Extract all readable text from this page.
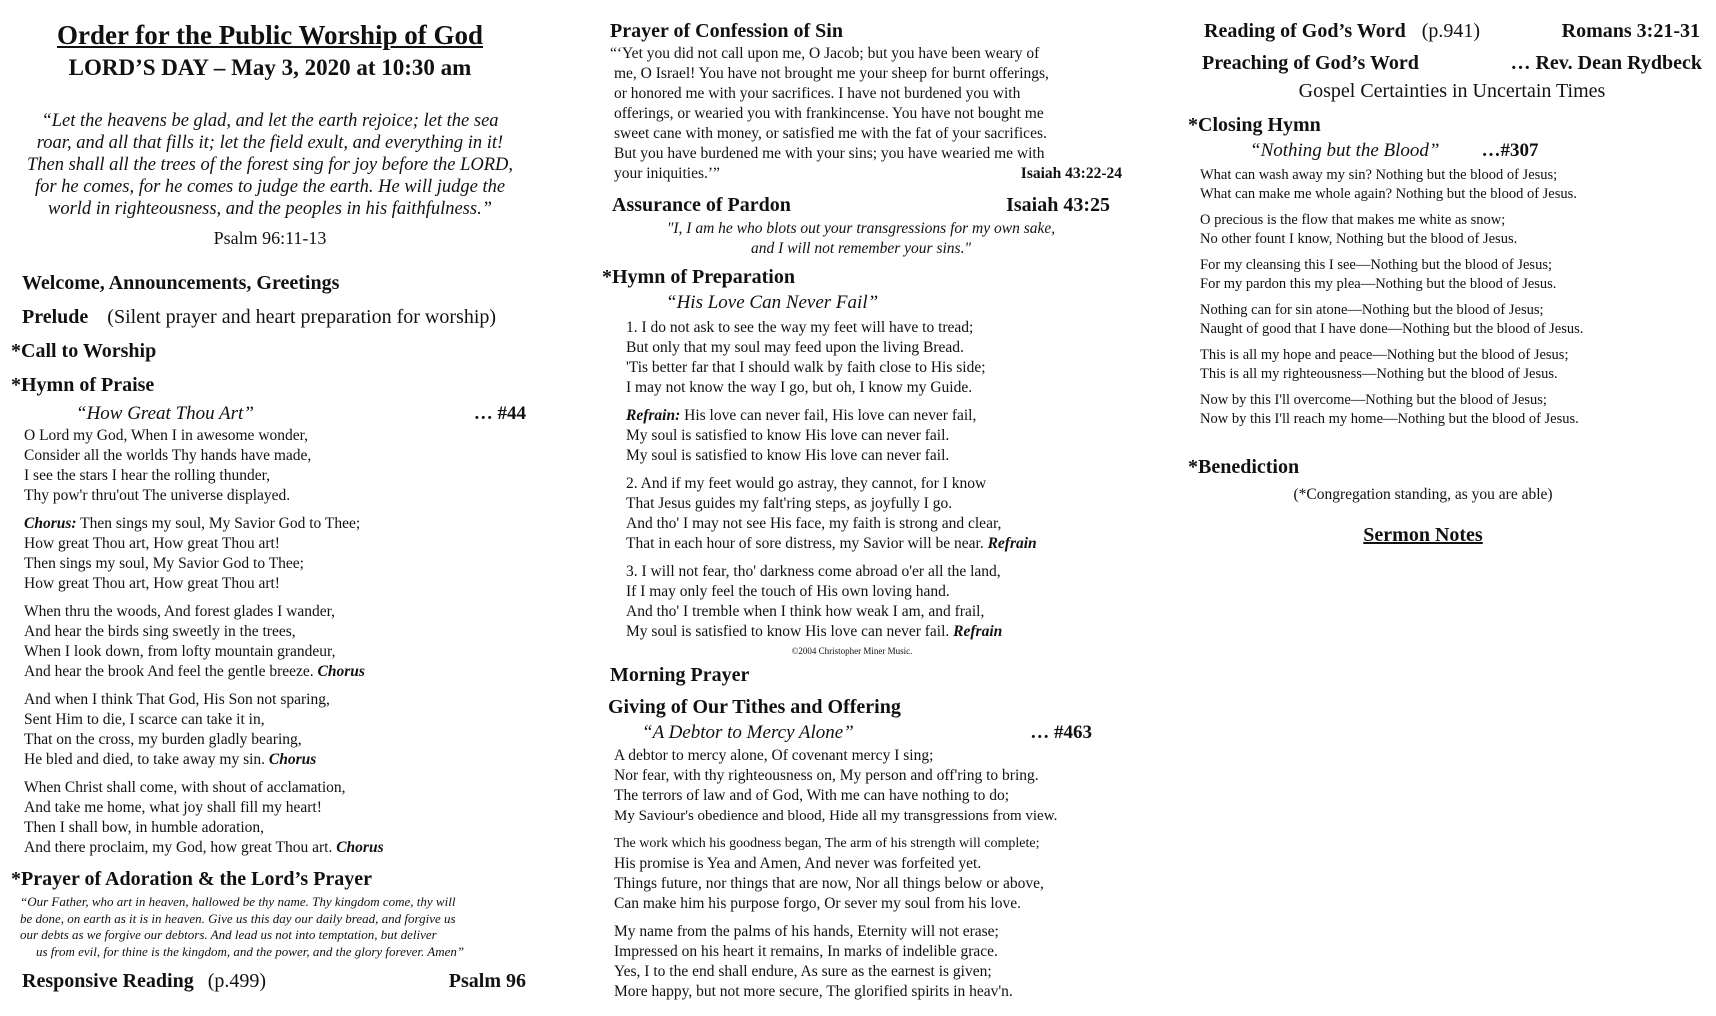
Order for the Public Worship of God
LORD’S DAY – May 3, 2020 at 10:30 am
“Let the heavens be glad, and let the earth rejoice; let the sea
roar, and all that fills it; let the field exult, and everything in it!
Then shall all the trees of the forest sing for joy before the LORD,
for he comes, for he comes to judge the earth. He will judge the
world in righteousness, and the peoples in his faithfulness.”
Psalm 96:11-13
Welcome, Announcements, Greetings
Prelude (Silent prayer and heart preparation for worship)
*Call to Worship
*Hymn of Praise
“How Great Thou Art”	… #44
O Lord my God, When I in awesome wonder,
Consider all the worlds Thy hands have made,
I see the stars I hear the rolling thunder,
Thy pow'r thru'out The universe displayed.
Chorus: Then sings my soul, My Savior God to Thee;
How great Thou art, How great Thou art!
Then sings my soul, My Savior God to Thee;
How great Thou art, How great Thou art!
When thru the woods, And forest glades I wander,
And hear the birds sing sweetly in the trees,
When I look down, from lofty mountain grandeur,
And hear the brook And feel the gentle breeze. Chorus
And when I think That God, His Son not sparing,
Sent Him to die, I scarce can take it in,
That on the cross, my burden gladly bearing,
He bled and died, to take away my sin. Chorus
When Christ shall come, with shout of acclamation,
And take me home, what joy shall fill my heart!
Then I shall bow, in humble adoration,
And there proclaim, my God, how great Thou art. Chorus
*Prayer of Adoration & the Lord’s Prayer
“Our Father, who art in heaven, hallowed be thy name. Thy kingdom come, thy will
be done, on earth as it is in heaven. Give us this day our daily bread, and forgive us
our debts as we forgive our debtors. And lead us not into temptation, but deliver
us from evil, for thine is the kingdom, and the power, and the glory forever. Amen”
Responsive Reading (p.499)	Psalm 96
Prayer of Confession of Sin
“‘Yet you did not call upon me, O Jacob; but you have been weary of
me, O Israel! You have not brought me your sheep for burnt offerings,
or honored me with your sacrifices. I have not burdened you with
offerings, or wearied you with frankincense. You have not bought me
sweet cane with money, or satisfied me with the fat of your sacrifices.
But you have burdened me with your sins; you have wearied me with
your iniquities.’”	Isaiah 43:22-24
Assurance of Pardon	Isaiah 43:25
"I, I am he who blots out your transgressions for my own sake,
and I will not remember your sins."
*Hymn of Preparation
“His Love Can Never Fail”
1. I do not ask to see the way my feet will have to tread;
But only that my soul may feed upon the living Bread.
'Tis better far that I should walk by faith close to His side;
I may not know the way I go, but oh, I know my Guide.
Refrain: His love can never fail, His love can never fail,
My soul is satisfied to know His love can never fail.
My soul is satisfied to know His love can never fail.
2. And if my feet would go astray, they cannot, for I know
That Jesus guides my falt'ring steps, as joyfully I go.
And tho' I may not see His face, my faith is strong and clear,
That in each hour of sore distress, my Savior will be near. Refrain
3. I will not fear, tho' darkness come abroad o'er all the land,
If I may only feel the touch of His own loving hand.
And tho' I tremble when I think how weak I am, and frail,
My soul is satisfied to know His love can never fail. Refrain
©2004 Christopher Miner Music.
Morning Prayer
Giving of Our Tithes and Offering
“A Debtor to Mercy Alone”	… #463
A debtor to mercy alone, Of covenant mercy I sing;
Nor fear, with thy righteousness on, My person and off'ring to bring.
The terrors of law and of God, With me can have nothing to do;
My Saviour's obedience and blood, Hide all my transgressions from view.
The work which his goodness began, The arm of his strength will complete;
His promise is Yea and Amen, And never was forfeited yet.
Things future, nor things that are now, Nor all things below or above,
Can make him his purpose forgo, Or sever my soul from his love.
My name from the palms of his hands, Eternity will not erase;
Impressed on his heart it remains, In marks of indelible grace.
Yes, I to the end shall endure, As sure as the earnest is given;
More happy, but not more secure, The glorified spirits in heav'n.
Reading of God’s Word (p.941)	Romans 3:21-31
Preaching of God’s Word	… Rev. Dean Rydbeck
Gospel Certainties in Uncertain Times
*Closing Hymn
“Nothing but the Blood” …#307
What can wash away my sin? Nothing but the blood of Jesus;
What can make me whole again? Nothing but the blood of Jesus.
O precious is the flow that makes me white as snow;
No other fount I know, Nothing but the blood of Jesus.
For my cleansing this I see—Nothing but the blood of Jesus;
For my pardon this my plea—Nothing but the blood of Jesus.
Nothing can for sin atone—Nothing but the blood of Jesus;
Naught of good that I have done—Nothing but the blood of Jesus.
This is all my hope and peace—Nothing but the blood of Jesus;
This is all my righteousness—Nothing but the blood of Jesus.
Now by this I'll overcome—Nothing but the blood of Jesus;
Now by this I'll reach my home—Nothing but the blood of Jesus.
*Benediction
(*Congregation standing, as you are able)
Sermon Notes
